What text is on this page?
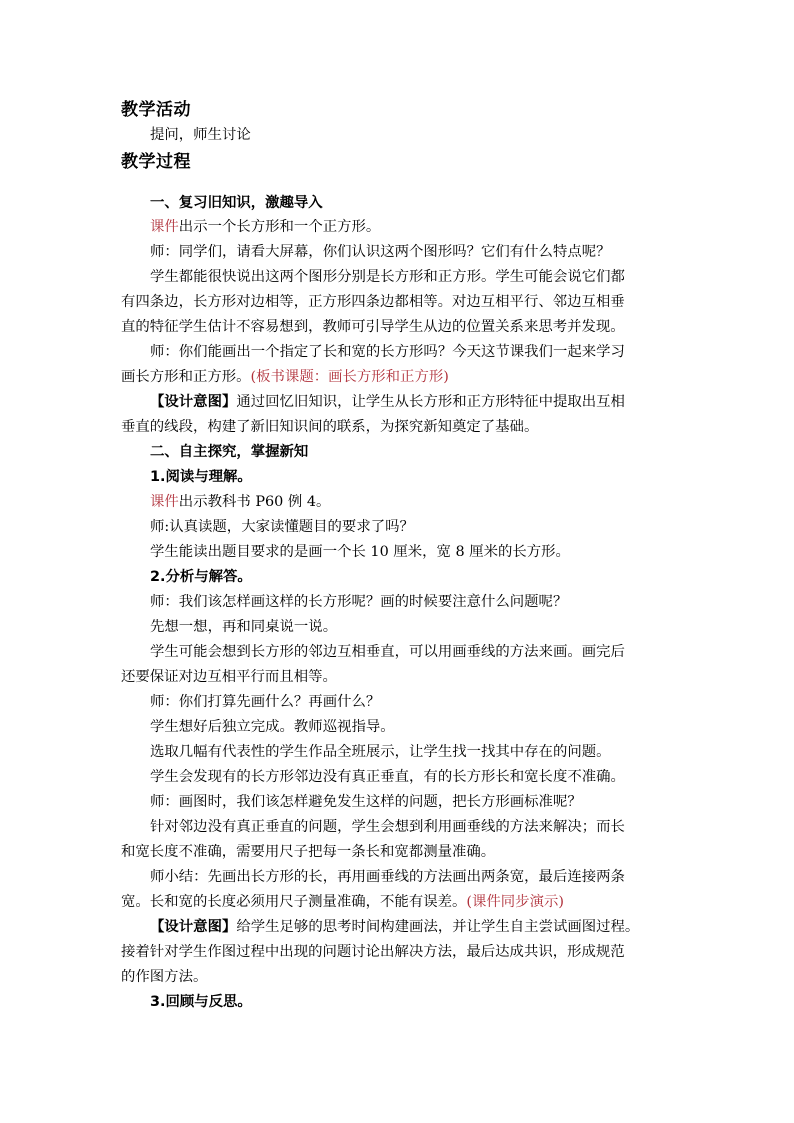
教学活动
提问，师生讨论
教学过程
一、复习旧知识，激趣导入
课件出示一个长方形和一个正方形。
师：同学们，请看大屏幕，你们认识这两个图形吗？它们有什么特点呢？
学生都能很快说出这两个图形分别是长方形和正方形。学生可能会说它们都
有四条边，长方形对边相等，正方形四条边都相等。对边互相平行、邻边互相垂
直的特征学生估计不容易想到，教师可引导学生从边的位置关系来思考并发现。
师：你们能画出一个指定了长和宽的长方形吗？今天这节课我们一起来学习
画长方形和正方形。(板书课题：画长方形和正方形)
【设计意图】通过回忆旧知识，让学生从长方形和正方形特征中提取出互相
垂直的线段，构建了新旧知识间的联系，为探究新知奠定了基础。
二、自主探究，掌握新知
1.阅读与理解。
课件出示教科书 P60 例 4。
师:认真读题，大家读懂题目的要求了吗？
学生能读出题目要求的是画一个长 10 厘米，宽 8 厘米的长方形。
2.分析与解答。
师：我们该怎样画这样的长方形呢？画的时候要注意什么问题呢？
先想一想，再和同桌说一说。
学生可能会想到长方形的邻边互相垂直，可以用画垂线的方法来画。画完后
还要保证对边互相平行而且相等。
师：你们打算先画什么？再画什么？
学生想好后独立完成。教师巡视指导。
选取几幅有代表性的学生作品全班展示，让学生找一找其中存在的问题。
学生会发现有的长方形邻边没有真正垂直，有的长方形长和宽长度不准确。
师：画图时，我们该怎样避免发生这样的问题，把长方形画标准呢？
针对邻边没有真正垂直的问题，学生会想到利用画垂线的方法来解决；而长
和宽长度不准确，需要用尺子把每一条长和宽都测量准确。
师小结：先画出长方形的长，再用画垂线的方法画出两条宽，最后连接两条
宽。长和宽的长度必须用尺子测量准确，不能有误差。(课件同步演示)
【设计意图】给学生足够的思考时间构建画法，并让学生自主尝试画图过程。
接着针对学生作图过程中出现的问题讨论出解决方法，最后达成共识，形成规范
的作图方法。
3.回顾与反思。
